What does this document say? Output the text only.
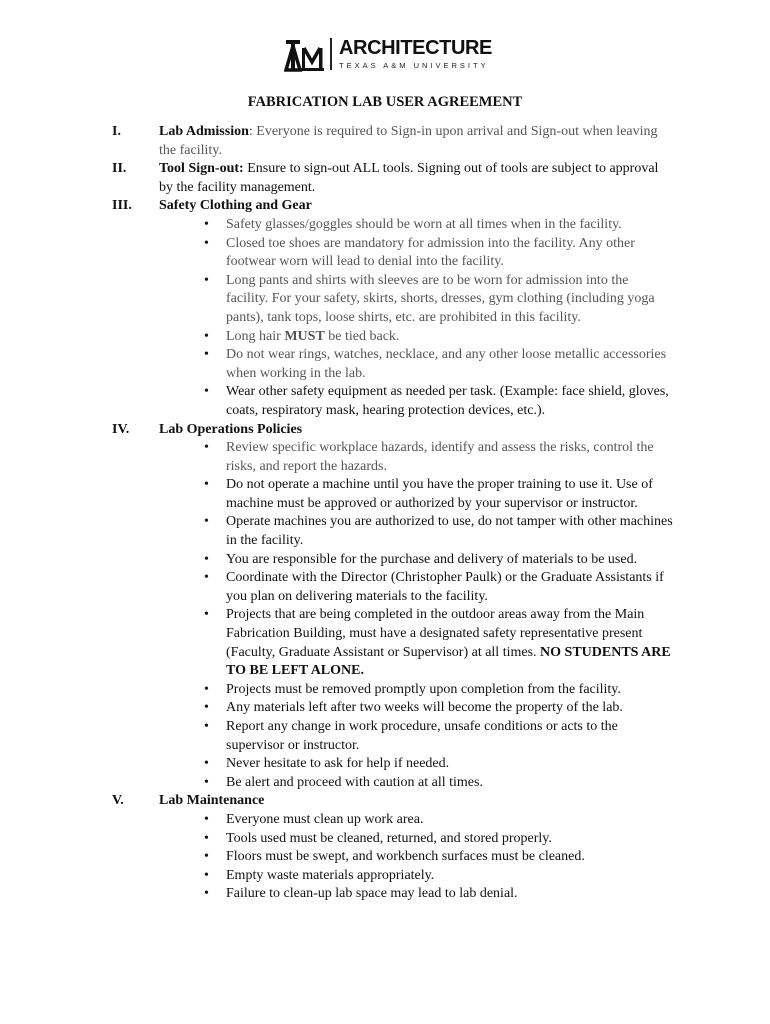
ARCHITECTURE
TEXAS A&M UNIVERSITY
FABRICATION LAB USER AGREEMENT
I.	Lab Admission: Everyone is required to Sign-in upon arrival and Sign-out when leaving the facility.
II. Tool Sign-out: Ensure to sign-out ALL tools. Signing out of tools are subject to approval by the facility management.
III. Safety Clothing and Gear
• Safety glasses/goggles should be worn at all times when in the facility.
• Closed toe shoes are mandatory for admission into the facility. Any other footwear worn will lead to denial into the facility.
• Long pants and shirts with sleeves are to be worn for admission into the facility. For your safety, skirts, shorts, dresses, gym clothing (including yoga pants), tank tops, loose shirts, etc. are prohibited in this facility.
• Long hair MUST be tied back.
• Do not wear rings, watches, necklace, and any other loose metallic accessories when working in the lab.
• Wear other safety equipment as needed per task. (Example: face shield, gloves, coats, respiratory mask, hearing protection devices, etc.).
IV. Lab Operations Policies
• Review specific workplace hazards, identify and assess the risks, control the risks, and report the hazards.
• Do not operate a machine until you have the proper training to use it. Use of machine must be approved or authorized by your supervisor or instructor.
• Operate machines you are authorized to use, do not tamper with other machines in the facility.
• You are responsible for the purchase and delivery of materials to be used.
• Coordinate with the Director (Christopher Paulk) or the Graduate Assistants if you plan on delivering materials to the facility.
• Projects that are being completed in the outdoor areas away from the Main Fabrication Building, must have a designated safety representative present (Faculty, Graduate Assistant or Supervisor) at all times. NO STUDENTS ARE TO BE LEFT ALONE.
• Projects must be removed promptly upon completion from the facility.
• Any materials left after two weeks will become the property of the lab.
• Report any change in work procedure, unsafe conditions or acts to the supervisor or instructor.
• Never hesitate to ask for help if needed.
• Be alert and proceed with caution at all times.
V.	Lab Maintenance
• Everyone must clean up work area.
• Tools used must be cleaned, returned, and stored properly.
• Floors must be swept, and workbench surfaces must be cleaned.
• Empty waste materials appropriately.
• Failure to clean-up lab space may lead to lab denial.
